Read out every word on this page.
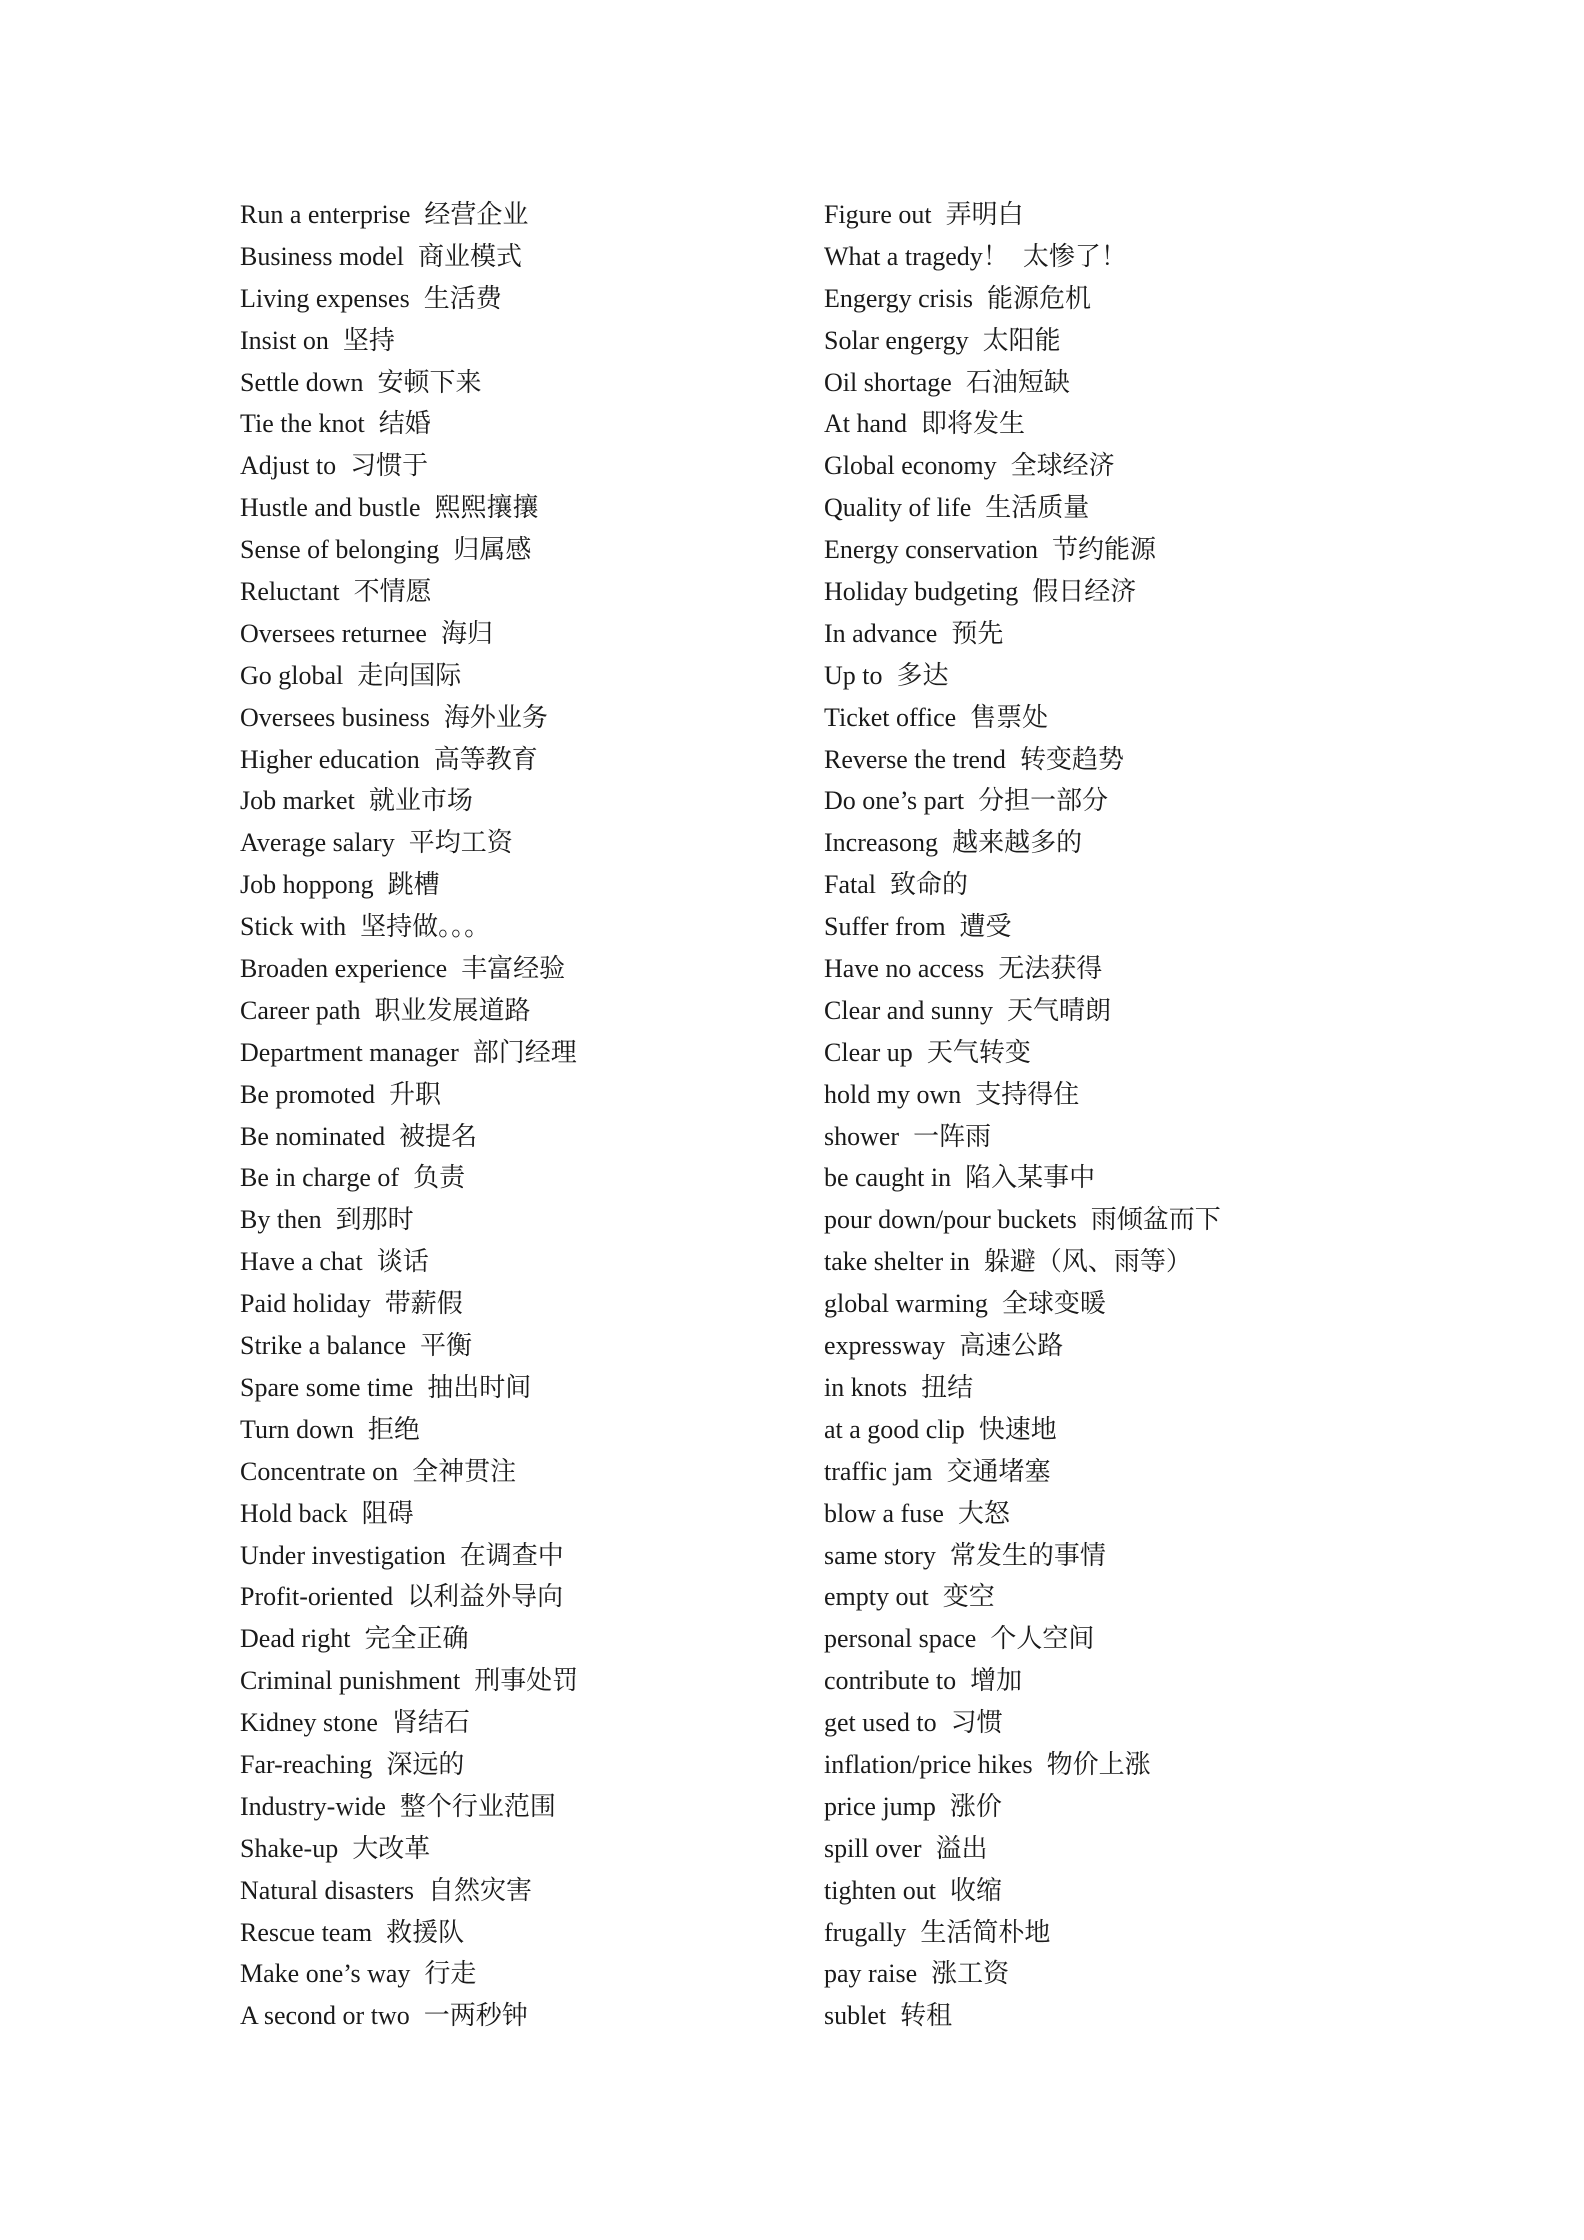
Run a enterprise 经营企业
Business model 商业模式
Living expenses 生活费
Insist on 坚持
Settle down 安顿下来
Tie the knot 结婚
Adjust to 习惯于
Hustle and bustle 熙熙攘攘
Sense of belonging 归属感
Reluctant 不情愿
Oversees returnee 海归
Go global 走向国际
Oversees business 海外业务
Higher education 高等教育
Job market 就业市场
Average salary 平均工资
Job hoppong 跳槽
Stick with 坚持做。。。
Broaden experience 丰富经验
Career path 职业发展道路
Department manager 部门经理
Be promoted 升职
Be nominated 被提名
Be in charge of 负责
By then 到那时
Have a chat 谈话
Paid holiday 带薪假
Strike a balance 平衡
Spare some time 抽出时间
Turn down 拒绝
Concentrate on 全神贯注
Hold back 阻碍
Under investigation 在调查中
Profit-oriented 以利益外导向
Dead right 完全正确
Criminal punishment 刑事处罚
Kidney stone 肾结石
Far-reaching 深远的
Industry-wide 整个行业范围
Shake-up 大改革
Natural disasters 自然灾害
Rescue team 救援队
Make one’s way 行走
A second or two 一两秒钟
Figure out 弄明白
What a tragedy！ 太惨了！
Engergy crisis 能源危机
Solar engergy 太阳能
Oil shortage 石油短缺
At hand 即将发生
Global economy 全球经济
Quality of life 生活质量
Energy conservation 节约能源
Holiday budgeting 假日经济
In advance 预先
Up to 多达
Ticket office 售票处
Reverse the trend 转变趋势
Do one’s part 分担一部分
Increasong 越来越多的
Fatal 致命的
Suffer from 遭受
Have no access 无法获得
Clear and sunny 天气晴朗
Clear up 天气转变
hold my own 支持得住
shower 一阵雨
be caught in 陷入某事中
pour down/pour buckets 雨倾盆而下
take shelter in 躲避（风、雨等）
global warming 全球变暖
expressway 高速公路
in knots 扭结
at a good clip 快速地
traffic jam 交通堵塞
blow a fuse 大怒
same story 常发生的事情
empty out 变空
personal space 个人空间
contribute to 增加
get used to 习惯
inflation/price hikes 物价上涨
price jump 涨价
spill over 溢出
tighten out 收缩
frugally 生活简朴地
pay raise 涨工资
sublet 转租
